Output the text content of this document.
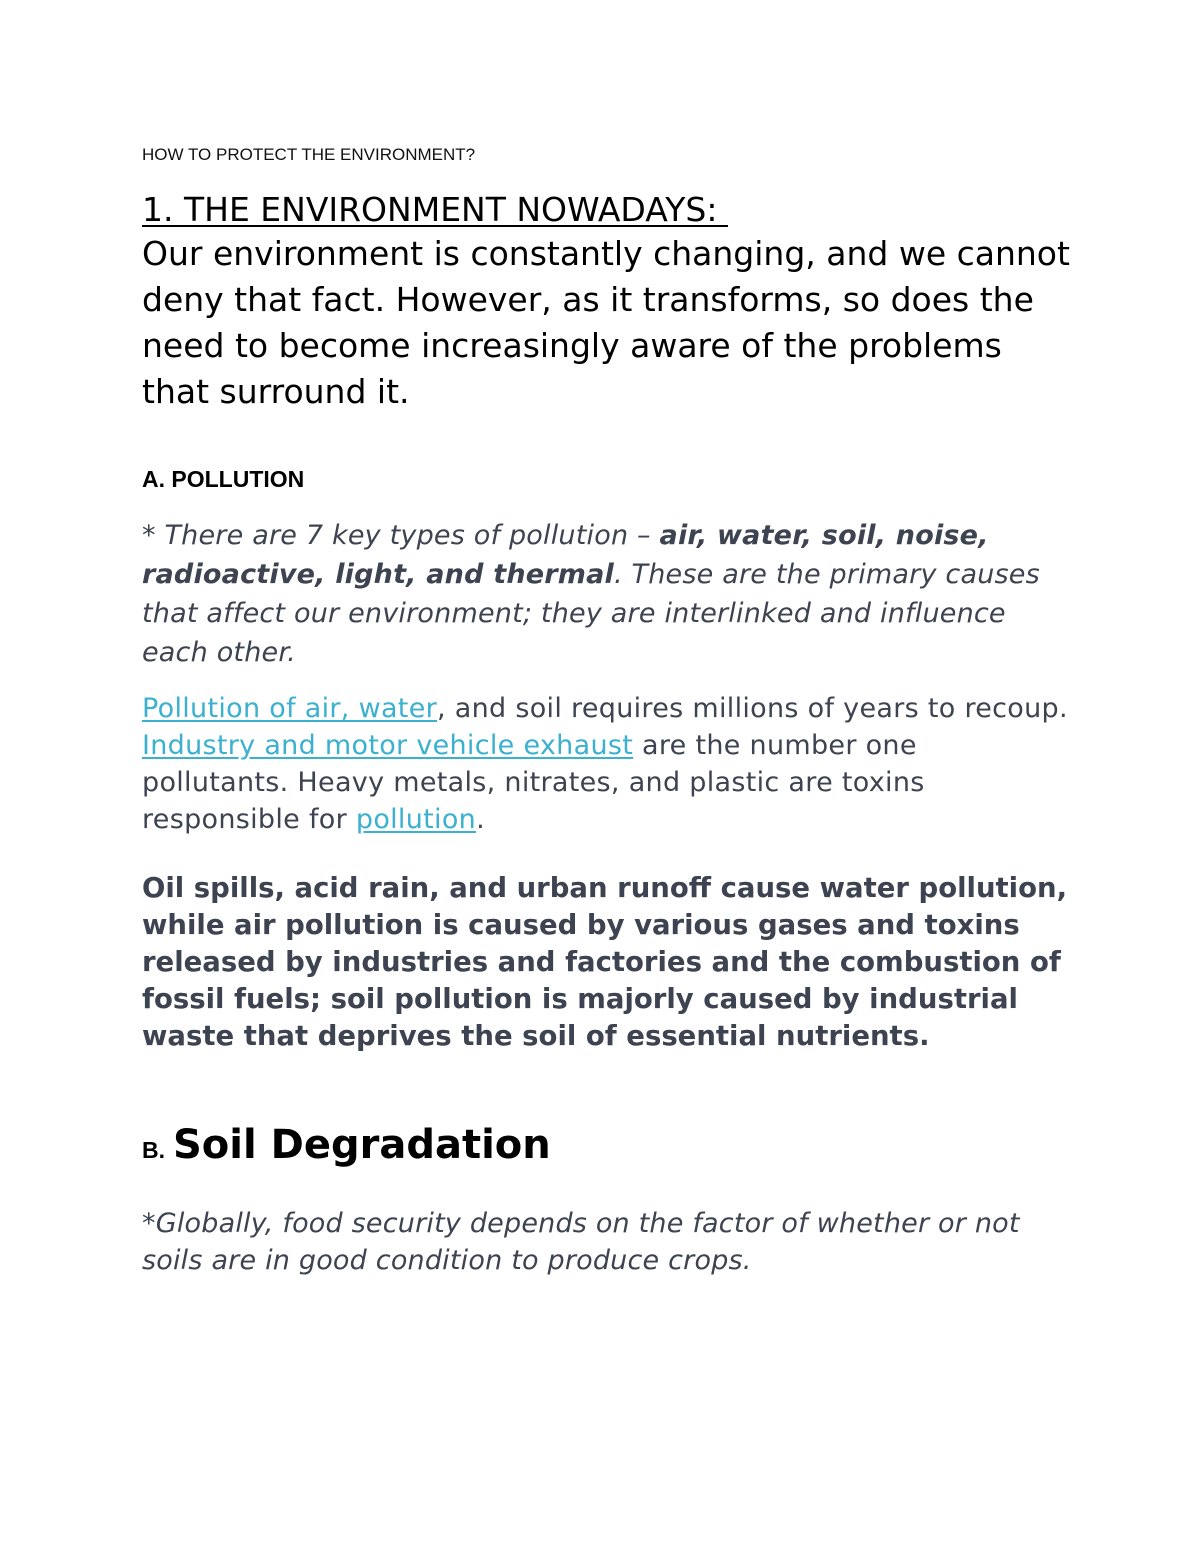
HOW TO PROTECT THE ENVIRONMENT?
1. THE ENVIRONMENT NOWADAYS:

Our environment is constantly changing, and we cannot deny that fact. However, as it transforms, so does the need to become increasingly aware of the problems that surround it.

A. POLLUTION

* There are 7 key types of pollution – air, water, soil, noise, radioactive, light, and thermal. These are the primary causes that affect our environment; they are interlinked and influence each other.

Pollution of air, water, and soil requires millions of years to recoup. Industry and motor vehicle exhaust are the number one pollutants. Heavy metals, nitrates, and plastic are toxins responsible for pollution.

Oil spills, acid rain, and urban runoff cause water pollution, while air pollution is caused by various gases and toxins released by industries and factories and the combustion of fossil fuels; soil pollution is majorly caused by industrial waste that deprives the soil of essential nutrients.

B. Soil Degradation

*Globally, food security depends on the factor of whether or not soils are in good condition to produce crops.
